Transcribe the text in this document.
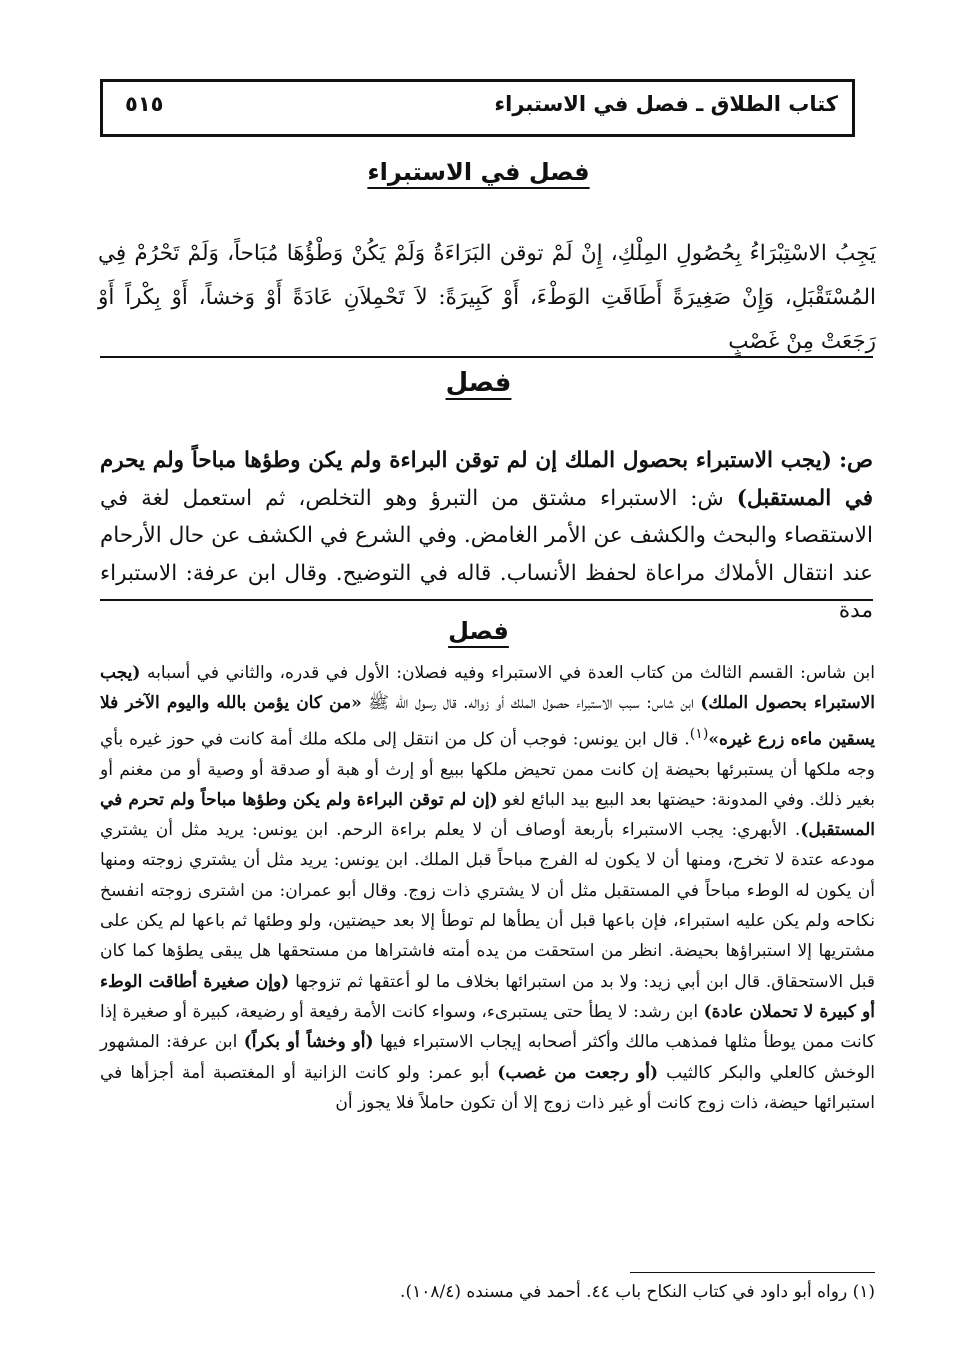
كتاب الطلاق ـ فصل في الاستبراء
٥١٥
فصل في الاستبراء
يَجِبُ الاسْتِبْرَاءُ بِحُصُولِ المِلْكِ، إِنْ لَمْ توقن البَرَاءَةُ وَلَمْ يَكُنْ وَطْؤُهَا مُبَاحاً، وَلَمْ تَحْرُمْ فِي المُسْتَقْبَلِ، وَإِنْ صَغِيرَةً أَطَاقَتِ الوَطْءَ، أَوْ كَبِيرَةً: لاَ تَحْمِلاَنِ عَادَةً أَوْ وَخشاً، أَوْ بِكْراً أَوْ رَجَعَتْ مِنْ غَصْبٍ
فصل
ص: (يجب الاستبراء بحصول الملك إن لم توقن البراءة ولم يكن وطؤها مباحاً ولم يحرم في المستقبل) ش: الاستبراء مشتق من التبرؤ وهو التخلص، ثم استعمل لغة في الاستقصاء والبحث والكشف عن الأمر الغامض. وفي الشرع في الكشف عن حال الأرحام عند انتقال الأملاك مراعاة لحفظ الأنساب. قاله في التوضيح. وقال ابن عرفة: الاستبراء مدة
فصل
ابن شاس: القسم الثالث من كتاب العدة في الاستبراء وفيه فصلان: الأول في قدره، والثاني في أسبابه (يجب الاستبراء بحصول الملك) ابن شاس: سبب الاستبراء حصول الملك أو زواله. قال رسول الله ﷺ «من كان يؤمن بالله واليوم الآخر فلا يسقين ماءه زرع غيره»$^{(١)}$. قال ابن يونس: فوجب أن كل من انتقل إلى ملكه ملك أمة كانت في حوز غيره بأي وجه ملكها أن يستبرئها بحيضة إن كانت ممن تحيض ملكها ببيع أو إرث أو هبة أو صدقة أو وصية أو من مغنم أو بغير ذلك. وفي المدونة: حيضتها بعد البيع بيد البائع لغو (إن لم توقن البراءة ولم يكن وطؤها مباحاً ولم تحرم في المستقبل). الأبهري: يجب الاستبراء بأربعة أوصاف أن لا يعلم براءة الرحم. ابن يونس: يريد مثل أن يشتري مودعه عتدة لا تخرج، ومنها أن لا يكون له الفرج مباحاً قبل الملك. ابن يونس: يريد مثل أن يشتري زوجته ومنها أن يكون له الوطء مباحاً في المستقبل مثل أن لا يشتري ذات زوج. وقال أبو عمران: من اشترى زوجته انفسخ نكاحه ولم يكن عليه استبراء، فإن باعها قبل أن يطأها لم توطأ إلا بعد حيضتين، ولو وطئها ثم باعها لم يكن على مشتريها إلا استبراؤها بحيضة. انظر من استحقت من يده أمته فاشتراها من مستحقها هل يبقى يطؤها كما كان قبل الاستحقاق. قال ابن أبي زيد: ولا بد من استبرائها بخلاف ما لو أعتقها ثم تزوجها (وإن صغيرة أطاقت الوطء أو كبيرة لا تحملان عادة) ابن رشد: لا يطأ حتى يستبرىء، وسواء كانت الأمة رفيعة أو رضيعة، كبيرة أو صغيرة إذا كانت ممن يوطأ مثلها فمذهب مالك وأكثر أصحابه إيجاب الاستبراء فيها (أو وخشاً أو بكراً) ابن عرفة: المشهور الوخش كالعلي والبكر كالثيب (أو رجعت من غصب) أبو عمر: ولو كانت الزانية أو المغتصبة أمة أجزأها في استبرائها حيضة، ذات زوج كانت أو غير ذات زوج إلا أن تكون حاملاً فلا يجوز أن
(١) رواه أبو داود في كتاب النكاح باب ٤٤. أحمد في مسنده (١٠٨/٤).
